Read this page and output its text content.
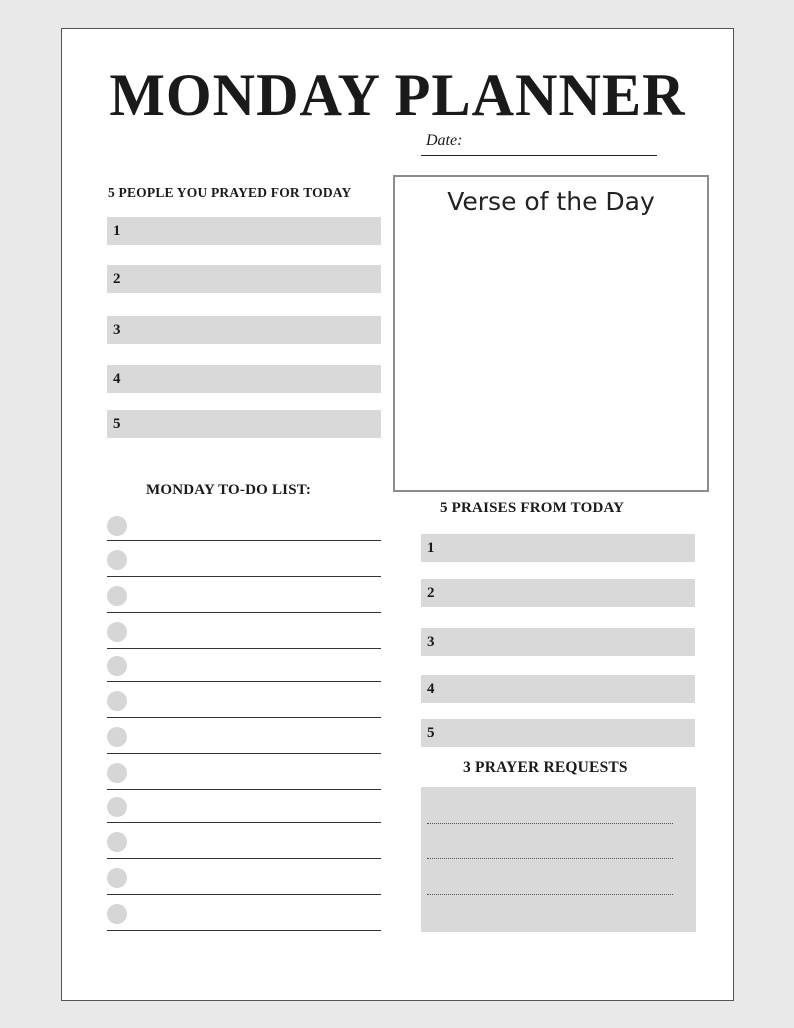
MONDAY PLANNER
Date:
5 PEOPLE YOU PRAYED FOR TODAY
1
2
3
4
5
Verse of the Day
MONDAY TO-DO LIST:
5 PRAISES FROM TODAY
1
2
3
4
5
3 PRAYER REQUESTS
